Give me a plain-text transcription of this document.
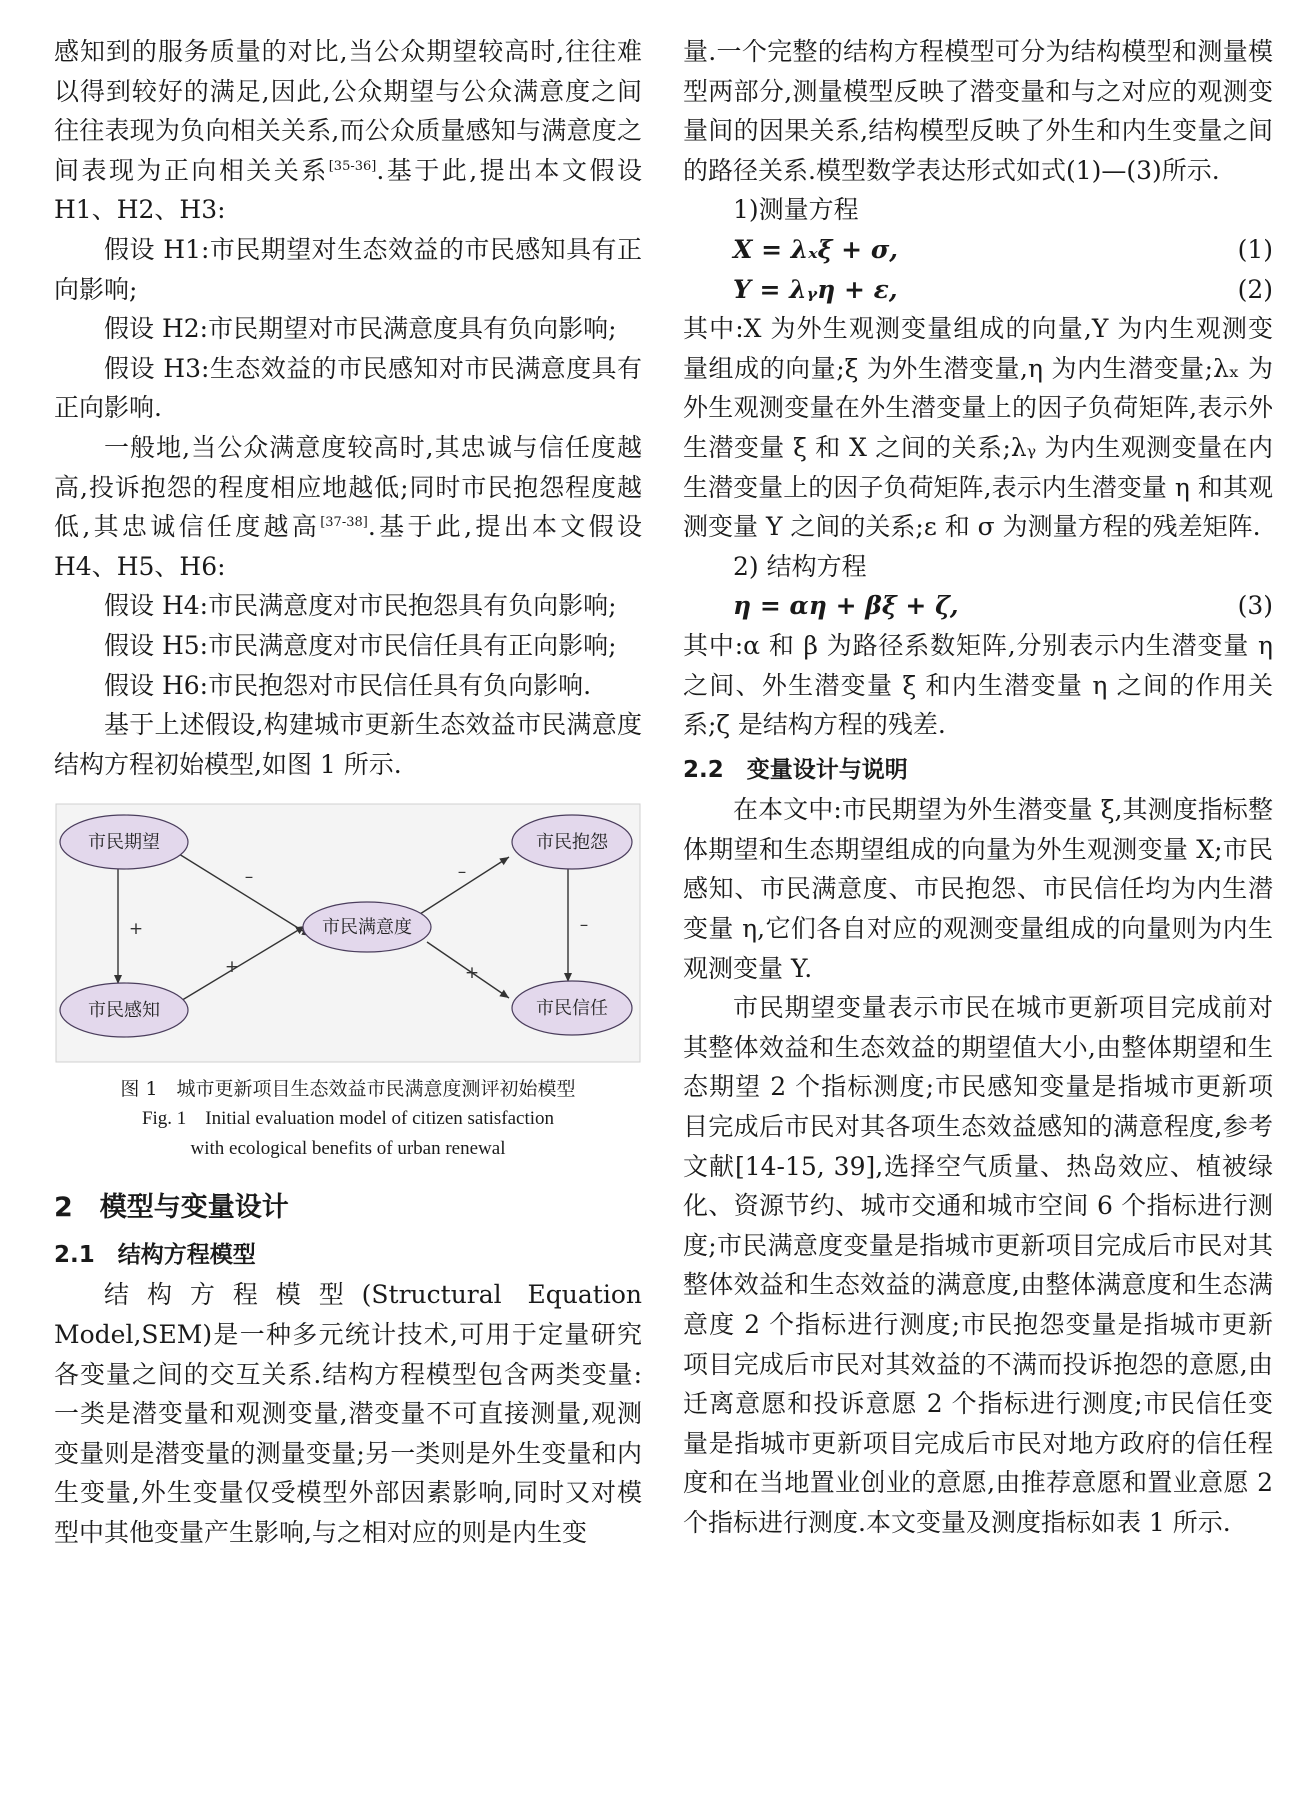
感知到的服务质量的对比,当公众期望较高时,往往难以得到较好的满足,因此,公众期望与公众满意度之间往往表现为负向相关关系,而公众质量感知与满意度之间表现为正向相关关系[35-36].基于此,提出本文假设 H1、H2、H3:

假设 H1:市民期望对生态效益的市民感知具有正向影响;

假设 H2:市民期望对市民满意度具有负向影响;

假设 H3:生态效益的市民感知对市民满意度具有正向影响.

一般地,当公众满意度较高时,其忠诚与信任度越高,投诉抱怨的程度相应地越低;同时市民抱怨程度越低,其忠诚信任度越高[37-38].基于此,提出本文假设 H4、H5、H6:

假设 H4:市民满意度对市民抱怨具有负向影响;

假设 H5:市民满意度对市民信任具有正向影响;

假设 H6:市民抱怨对市民信任具有负向影响.

基于上述假设,构建城市更新生态效益市民满意度结构方程初始模型,如图 1 所示.

市民期望
市民感知
市民满意度
市民抱怨
市民信任
–
+
+
–
+
–

图 1　城市更新项目生态效益市民满意度测评初始模型

Fig. 1　Initial evaluation model of citizen satisfaction

with ecological benefits of urban renewal

2　模型与变量设计

2.1　结构方程模型

结构方程模型(Structural Equation Model,SEM)是一种多元统计技术,可用于定量研究各变量之间的交互关系.结构方程模型包含两类变量:一类是潜变量和观测变量,潜变量不可直接测量,观测变量则是潜变量的测量变量;另一类则是外生变量和内生变量,外生变量仅受模型外部因素影响,同时又对模型中其他变量产生影响,与之相对应的则是内生变

量.一个完整的结构方程模型可分为结构模型和测量模型两部分,测量模型反映了潜变量和与之对应的观测变量间的因果关系,结构模型反映了外生和内生变量之间的路径关系.模型数学表达形式如式(1)—(3)所示.

1)测量方程

X = λₓξ + σ,	(1)
Y = λᵧη + ε,	(2)

其中:X 为外生观测变量组成的向量,Y 为内生观测变量组成的向量;ξ 为外生潜变量,η 为内生潜变量;λₓ 为外生观测变量在外生潜变量上的因子负荷矩阵,表示外生潜变量 ξ 和 X 之间的关系;λᵧ 为内生观测变量在内生潜变量上的因子负荷矩阵,表示内生潜变量 η 和其观测变量 Y 之间的关系;ε 和 σ 为测量方程的残差矩阵.

2) 结构方程

η = αη + βξ + ζ,	(3)

其中:α 和 β 为路径系数矩阵,分别表示内生潜变量 η 之间、外生潜变量 ξ 和内生潜变量 η 之间的作用关系;ζ 是结构方程的残差.

2.2　变量设计与说明

在本文中:市民期望为外生潜变量 ξ,其测度指标整体期望和生态期望组成的向量为外生观测变量 X;市民感知、市民满意度、市民抱怨、市民信任均为内生潜变量 η,它们各自对应的观测变量组成的向量则为内生观测变量 Y.

市民期望变量表示市民在城市更新项目完成前对其整体效益和生态效益的期望值大小,由整体期望和生态期望 2 个指标测度;市民感知变量是指城市更新项目完成后市民对其各项生态效益感知的满意程度,参考文献[14-15, 39],选择空气质量、热岛效应、植被绿化、资源节约、城市交通和城市空间 6 个指标进行测度;市民满意度变量是指城市更新项目完成后市民对其整体效益和生态效益的满意度,由整体满意度和生态满意度 2 个指标进行测度;市民抱怨变量是指城市更新项目完成后市民对其效益的不满而投诉抱怨的意愿,由迁离意愿和投诉意愿 2 个指标进行测度;市民信任变量是指城市更新项目完成后市民对地方政府的信任程度和在当地置业创业的意愿,由推荐意愿和置业意愿 2 个指标进行测度.本文变量及测度指标如表 1 所示.
